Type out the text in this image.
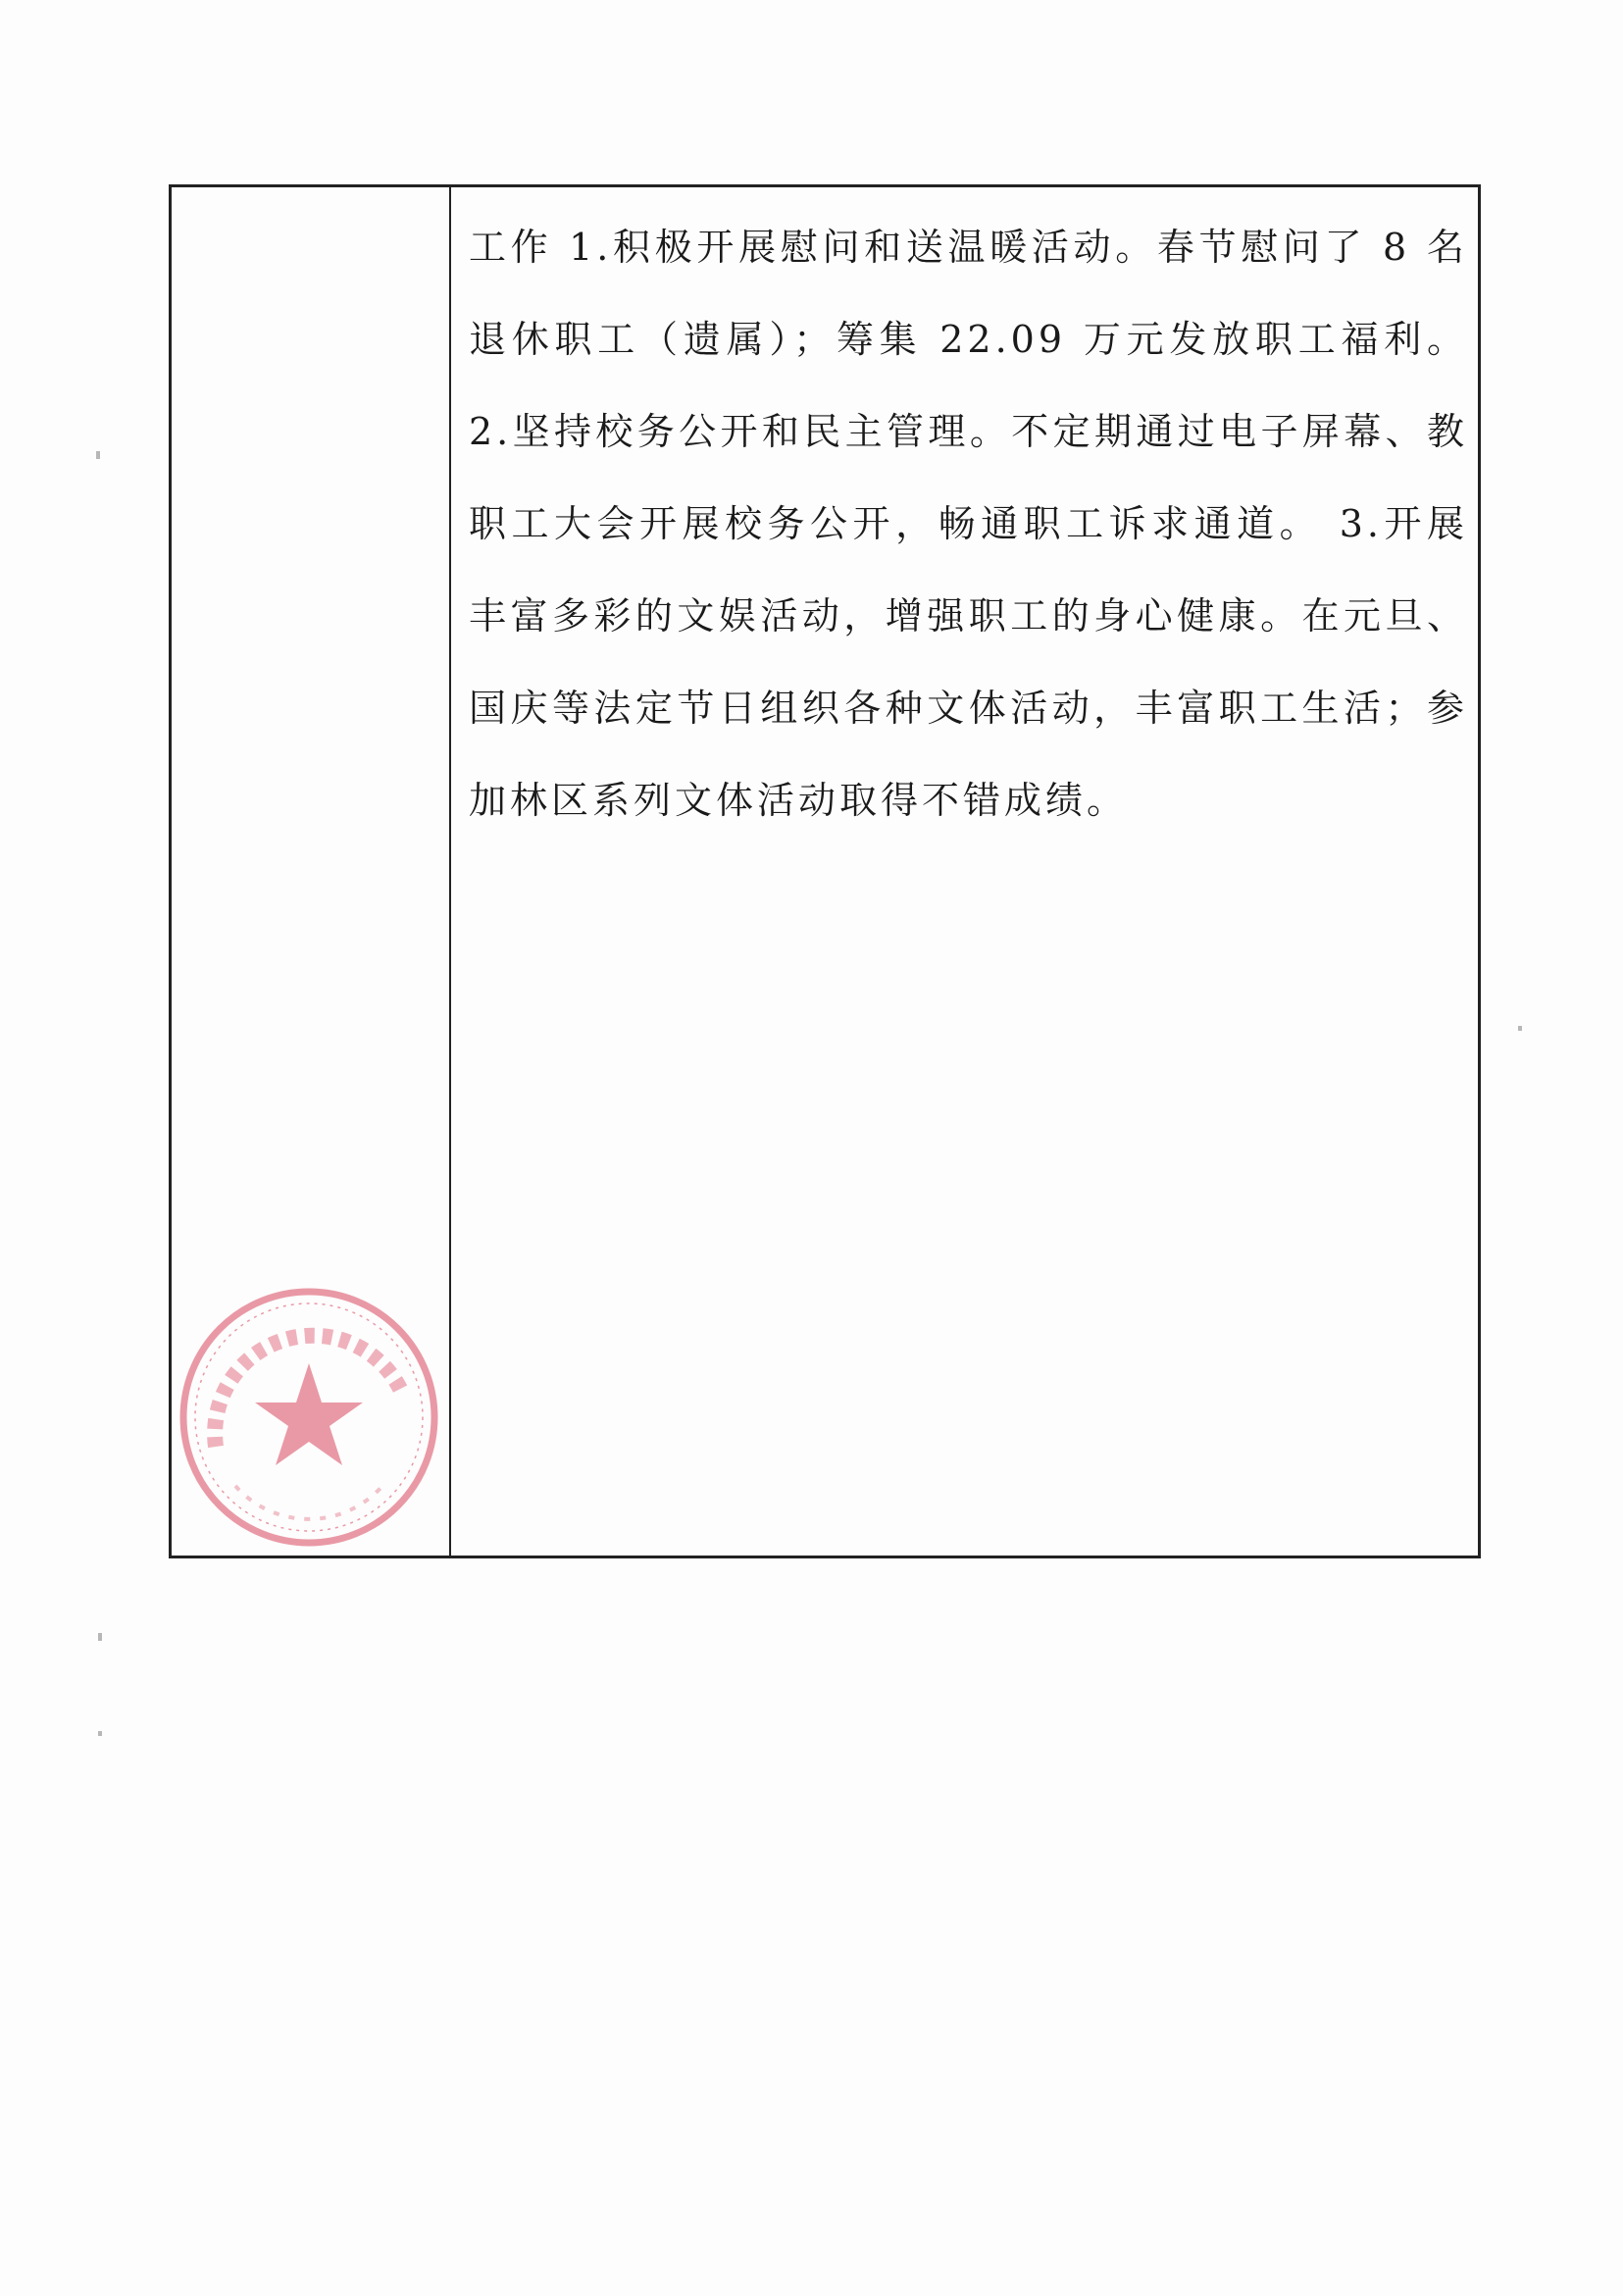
工作 1.积极开展慰问和送温暖活动。春节慰问了 8 名退休职工（遗属）；筹集 22.09 万元发放职工福利。 2.坚持校务公开和民主管理。不定期通过电子屏幕、教职工大会开展校务公开，畅通职工诉求通道。 3.开展丰富多彩的文娱活动，增强职工的身心健康。在元旦、国庆等法定节日组织各种文体活动，丰富职工生活；参加林区系列文体活动取得不错成绩。
